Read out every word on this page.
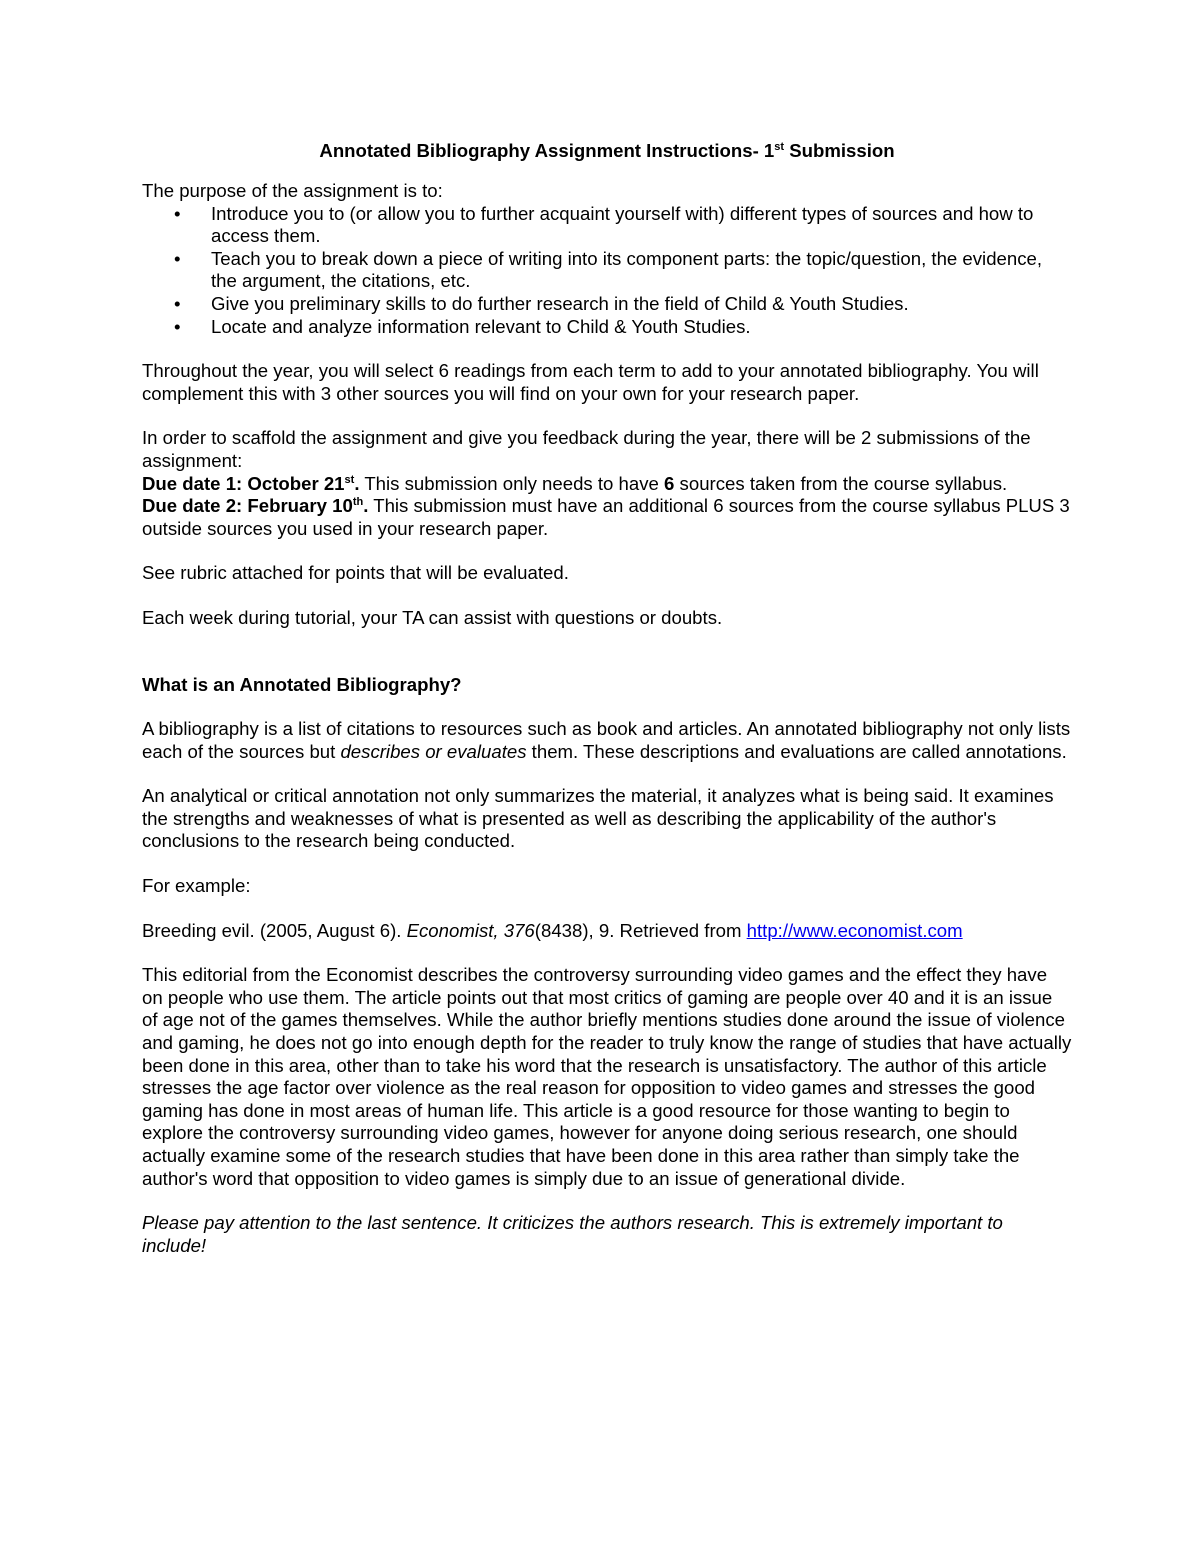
Annotated Bibliography Assignment Instructions- 1st Submission

The purpose of the assignment is to:

• Introduce you to (or allow you to further acquaint yourself with) different types of sources and how to access them.
• Teach you to break down a piece of writing into its component parts: the topic/question, the evidence, the argument, the citations, etc.
• Give you preliminary skills to do further research in the field of Child & Youth Studies.
• Locate and analyze information relevant to Child & Youth Studies.

Throughout the year, you will select 6 readings from each term to add to your annotated bibliography. You will complement this with 3 other sources you will find on your own for your research paper.

In order to scaffold the assignment and give you feedback during the year, there will be 2 submissions of the assignment:

Due date 1: October 21st. This submission only needs to have 6 sources taken from the course syllabus.

Due date 2: February 10th. This submission must have an additional 6 sources from the course syllabus PLUS 3 outside sources you used in your research paper.

See rubric attached for points that will be evaluated.

Each week during tutorial, your TA can assist with questions or doubts.

What is an Annotated Bibliography?

A bibliography is a list of citations to resources such as book and articles. An annotated bibliography not only lists each of the sources but describes or evaluates them. These descriptions and evaluations are called annotations.

An analytical or critical annotation not only summarizes the material, it analyzes what is being said. It examines the strengths and weaknesses of what is presented as well as describing the applicability of the author's conclusions to the research being conducted.

For example:

Breeding evil. (2005, August 6). Economist, 376(8438), 9. Retrieved from http://www.economist.com

This editorial from the Economist describes the controversy surrounding video games and the effect they have on people who use them. The article points out that most critics of gaming are people over 40 and it is an issue of age not of the games themselves. While the author briefly mentions studies done around the issue of violence and gaming, he does not go into enough depth for the reader to truly know the range of studies that have actually been done in this area, other than to take his word that the research is unsatisfactory. The author of this article stresses the age factor over violence as the real reason for opposition to video games and stresses the good gaming has done in most areas of human life. This article is a good resource for those wanting to begin to explore the controversy surrounding video games, however for anyone doing serious research, one should actually examine some of the research studies that have been done in this area rather than simply take the author's word that opposition to video games is simply due to an issue of generational divide.

Please pay attention to the last sentence. It criticizes the authors research. This is extremely important to include!
